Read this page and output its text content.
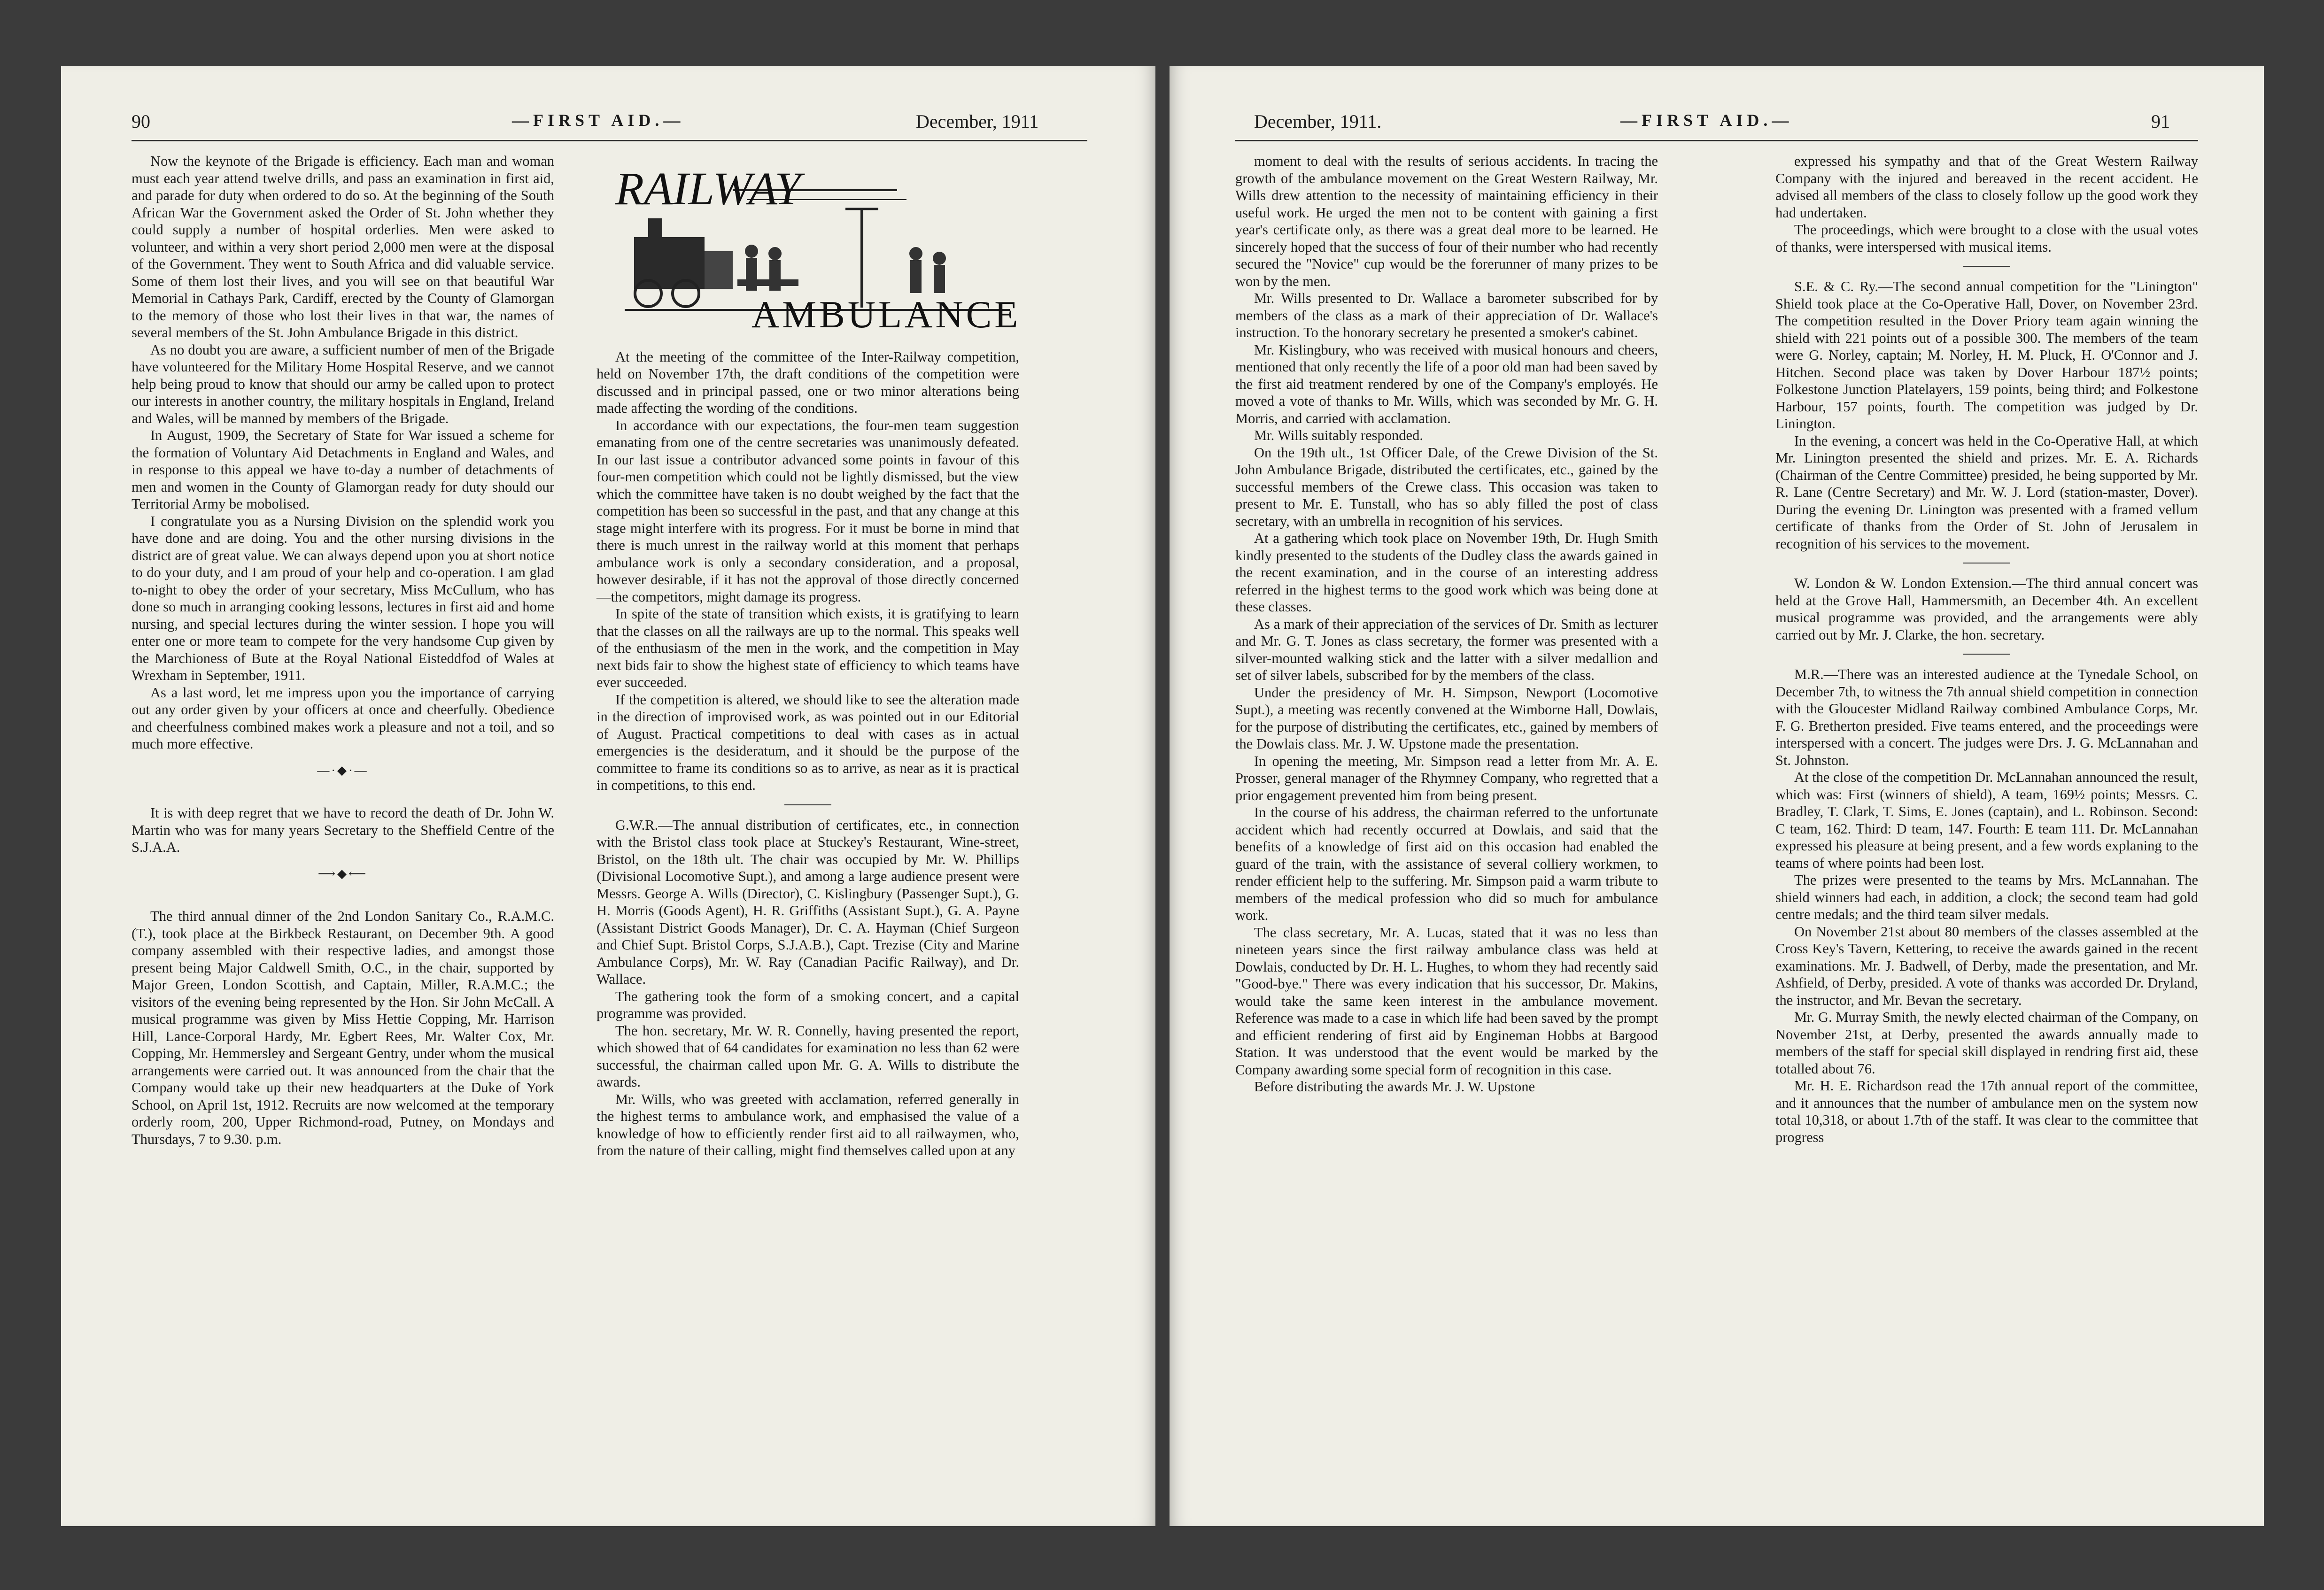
90	—FIRST AID.—	December, 1911

Now the keynote of the Brigade is efficiency. Each man and woman must each year attend twelve drills, and pass an examination in first aid, and parade for duty when ordered to do so. At the beginning of the South African War the Government asked the Order of St. John whether they could supply a number of hospital orderlies. Men were asked to volunteer, and within a very short period 2,000 men were at the disposal of the Government. They went to South Africa and did valuable service. Some of them lost their lives, and you will see on that beautiful War Memorial in Cathays Park, Cardiff, erected by the County of Glamorgan to the memory of those who lost their lives in that war, the names of several members of the St. John Ambulance Brigade in this district.

As no doubt you are aware, a sufficient number of men of the Brigade have volunteered for the Military Home Hospital Reserve, and we cannot help being proud to know that should our army be called upon to protect our interests in another country, the military hospitals in England, Ireland and Wales, will be manned by members of the Brigade.

In August, 1909, the Secretary of State for War issued a scheme for the formation of Voluntary Aid Detachments in England and Wales, and in response to this appeal we have to-day a number of detachments of men and women in the County of Glamorgan ready for duty should our Territorial Army be mobolised.

I congratulate you as a Nursing Division on the splendid work you have done and are doing. You and the other nursing divisions in the district are of great value. We can always depend upon you at short notice to do your duty, and I am proud of your help and co-operation. I am glad to-night to obey the order of your secretary, Miss McCullum, who has done so much in arranging cooking lessons, lectures in first aid and home nursing, and special lectures during the winter session. I hope you will enter one or more team to compete for the very handsome Cup given by the Marchioness of Bute at the Royal National Eisteddfod of Wales at Wrexham in September, 1911.

As a last word, let me impress upon you the importance of carrying out any order given by your officers at once and cheerfully. Obedience and cheerfulness combined makes work a pleasure and not a toil, and so much more effective.

—·◆·—

It is with deep regret that we have to record the death of Dr. John W. Martin who was for many years Secretary to the Sheffield Centre of the S.J.A.A.

⟶◆⟵

The third annual dinner of the 2nd London Sanitary Co., R.A.M.C.(T.), took place at the Birkbeck Restaurant, on December 9th. A good company assembled with their respective ladies, and amongst those present being Major Caldwell Smith, O.C., in the chair, supported by Major Green, London Scottish, and Captain, Miller, R.A.M.C.; the visitors of the evening being represented by the Hon. Sir John McCall. A musical programme was given by Miss Hettie Copping, Mr. Harrison Hill, Lance-Corporal Hardy, Mr. Egbert Rees, Mr. Walter Cox, Mr. Copping, Mr. Hemmersley and Sergeant Gentry, under whom the musical arrangements were carried out. It was announced from the chair that the Company would take up their new headquarters at the Duke of York School, on April 1st, 1912. Recruits are now welcomed at the temporary orderly room, 200, Upper Richmond-road, Putney, on Mondays and Thursdays, 7 to 9.30. p.m.

RAILWAY
AMBULANCE

At the meeting of the committee of the Inter-Railway competition, held on November 17th, the draft conditions of the competition were discussed and in principal passed, one or two minor alterations being made affecting the wording of the conditions.

In accordance with our expectations, the four-men team suggestion emanating from one of the centre secretaries was unanimously defeated. In our last issue a contributor advanced some points in favour of this four-men competition which could not be lightly dismissed, but the view which the committee have taken is no doubt weighed by the fact that the competition has been so successful in the past, and that any change at this stage might interfere with its progress. For it must be borne in mind that there is much unrest in the railway world at this moment that perhaps ambulance work is only a secondary consideration, and a proposal, however desirable, if it has not the approval of those directly concerned—the competitors, might damage its progress.

In spite of the state of transition which exists, it is gratifying to learn that the classes on all the railways are up to the normal. This speaks well of the enthusiasm of the men in the work, and the competition in May next bids fair to show the highest state of efficiency to which teams have ever succeeded.

If the competition is altered, we should like to see the alteration made in the direction of improvised work, as was pointed out in our Editorial of August. Practical competitions to deal with cases as in actual emergencies is the desideratum, and it should be the purpose of the committee to frame its conditions so as to arrive, as near as it is practical in competitions, to this end.

G.W.R.—The annual distribution of certificates, etc., in connection with the Bristol class took place at Stuckey's Restaurant, Wine-street, Bristol, on the 18th ult. The chair was occupied by Mr. W. Phillips (Divisional Locomotive Supt.), and among a large audience present were Messrs. George A. Wills (Director), C. Kislingbury (Passenger Supt.), G. H. Morris (Goods Agent), H. R. Griffiths (Assistant Supt.), G. A. Payne (Assistant District Goods Manager), Dr. C. A. Hayman (Chief Surgeon and Chief Supt. Bristol Corps, S.J.A.B.), Capt. Trezise (City and Marine Ambulance Corps), Mr. W. Ray (Canadian Pacific Railway), and Dr. Wallace.

The gathering took the form of a smoking concert, and a capital programme was provided.

The hon. secretary, Mr. W. R. Connelly, having presented the report, which showed that of 64 candidates for examination no less than 62 were successful, the chairman called upon Mr. G. A. Wills to distribute the awards.

Mr. Wills, who was greeted with acclamation, referred generally in the highest terms to ambulance work, and emphasised the value of a knowledge of how to efficiently render first aid to all railwaymen, who, from the nature of their calling, might find themselves called upon at any

December, 1911.	—FIRST AID.—	91

moment to deal with the results of serious accidents. In tracing the growth of the ambulance movement on the Great Western Railway, Mr. Wills drew attention to the necessity of maintaining efficiency in their useful work. He urged the men not to be content with gaining a first year's certificate only, as there was a great deal more to be learned. He sincerely hoped that the success of four of their number who had recently secured the "Novice" cup would be the forerunner of many prizes to be won by the men.

Mr. Wills presented to Dr. Wallace a barometer subscribed for by members of the class as a mark of their appreciation of Dr. Wallace's instruction. To the honorary secretary he presented a smoker's cabinet.

Mr. Kislingbury, who was received with musical honours and cheers, mentioned that only recently the life of a poor old man had been saved by the first aid treatment rendered by one of the Company's employés. He moved a vote of thanks to Mr. Wills, which was seconded by Mr. G. H. Morris, and carried with acclamation.

Mr. Wills suitably responded.

On the 19th ult., 1st Officer Dale, of the Crewe Division of the St. John Ambulance Brigade, distributed the certificates, etc., gained by the successful members of the Crewe class. This occasion was taken to present to Mr. E. Tunstall, who has so ably filled the post of class secretary, with an umbrella in recognition of his services.

At a gathering which took place on November 19th, Dr. Hugh Smith kindly presented to the students of the Dudley class the awards gained in the recent examination, and in the course of an interesting address referred in the highest terms to the good work which was being done at these classes.

As a mark of their appreciation of the services of Dr. Smith as lecturer and Mr. G. T. Jones as class secretary, the former was presented with a silver-mounted walking stick and the latter with a silver medallion and set of silver labels, subscribed for by the members of the class.

Under the presidency of Mr. H. Simpson, Newport (Locomotive Supt.), a meeting was recently convened at the Wimborne Hall, Dowlais, for the purpose of distributing the certificates, etc., gained by members of the Dowlais class. Mr. J. W. Upstone made the presentation.

In opening the meeting, Mr. Simpson read a letter from Mr. A. E. Prosser, general manager of the Rhymney Company, who regretted that a prior engagement prevented him from being present.

In the course of his address, the chairman referred to the unfortunate accident which had recently occurred at Dowlais, and said that the benefits of a knowledge of first aid on this occasion had enabled the guard of the train, with the assistance of several colliery workmen, to render efficient help to the suffering. Mr. Simpson paid a warm tribute to members of the medical profession who did so much for ambulance work.

The class secretary, Mr. A. Lucas, stated that it was no less than nineteen years since the first railway ambulance class was held at Dowlais, conducted by Dr. H. L. Hughes, to whom they had recently said "Good-bye." There was every indication that his successor, Dr. Makins, would take the same keen interest in the ambulance movement. Reference was made to a case in which life had been saved by the prompt and efficient rendering of first aid by Engineman Hobbs at Bargood Station. It was understood that the event would be marked by the Company awarding some special form of recognition in this case.

Before distributing the awards Mr. J. W. Upstone

expressed his sympathy and that of the Great Western Railway Company with the injured and bereaved in the recent accident. He advised all members of the class to closely follow up the good work they had undertaken.

The proceedings, which were brought to a close with the usual votes of thanks, were interspersed with musical items.

S.E. & C. Ry.—The second annual competition for the "Linington" Shield took place at the Co-Operative Hall, Dover, on November 23rd. The competition resulted in the Dover Priory team again winning the shield with 221 points out of a possible 300. The members of the team were G. Norley, captain; M. Norley, H. M. Pluck, H. O'Connor and J. Hitchen. Second place was taken by Dover Harbour 187½ points; Folkestone Junction Platelayers, 159 points, being third; and Folkestone Harbour, 157 points, fourth. The competition was judged by Dr. Linington.

In the evening, a concert was held in the Co-Operative Hall, at which Mr. Linington presented the shield and prizes. Mr. E. A. Richards (Chairman of the Centre Committee) presided, he being supported by Mr. R. Lane (Centre Secretary) and Mr. W. J. Lord (station-master, Dover). During the evening Dr. Linington was presented with a framed vellum certificate of thanks from the Order of St. John of Jerusalem in recognition of his services to the movement.

W. London & W. London Extension.—The third annual concert was held at the Grove Hall, Hammersmith, an December 4th. An excellent musical programme was provided, and the arrangements were ably carried out by Mr. J. Clarke, the hon. secretary.

M.R.—There was an interested audience at the Tynedale School, on December 7th, to witness the 7th annual shield competition in connection with the Gloucester Midland Railway combined Ambulance Corps, Mr. F. G. Bretherton presided. Five teams entered, and the proceedings were interspersed with a concert. The judges were Drs. J. G. McLannahan and St. Johnston.

At the close of the competition Dr. McLannahan announced the result, which was: First (winners of shield), A team, 169½ points; Messrs. C. Bradley, T. Clark, T. Sims, E. Jones (captain), and L. Robinson. Second: C team, 162. Third: D team, 147. Fourth: E team 111. Dr. McLannahan expressed his pleasure at being present, and a few words explaning to the teams of where points had been lost.

The prizes were presented to the teams by Mrs. McLannahan. The shield winners had each, in addition, a clock; the second team had gold centre medals; and the third team silver medals.

On November 21st about 80 members of the classes assembled at the Cross Key's Tavern, Kettering, to receive the awards gained in the recent examinations. Mr. J. Badwell, of Derby, made the presentation, and Mr. Ashfield, of Derby, presided. A vote of thanks was accorded Dr. Dryland, the instructor, and Mr. Bevan the secretary.

Mr. G. Murray Smith, the newly elected chairman of the Company, on November 21st, at Derby, presented the awards annually made to members of the staff for special skill displayed in rendring first aid, these totalled about 76.

Mr. H. E. Richardson read the 17th annual report of the committee, and it announces that the number of ambulance men on the system now total 10,318, or about 1.7th of the staff. It was clear to the committee that progress
